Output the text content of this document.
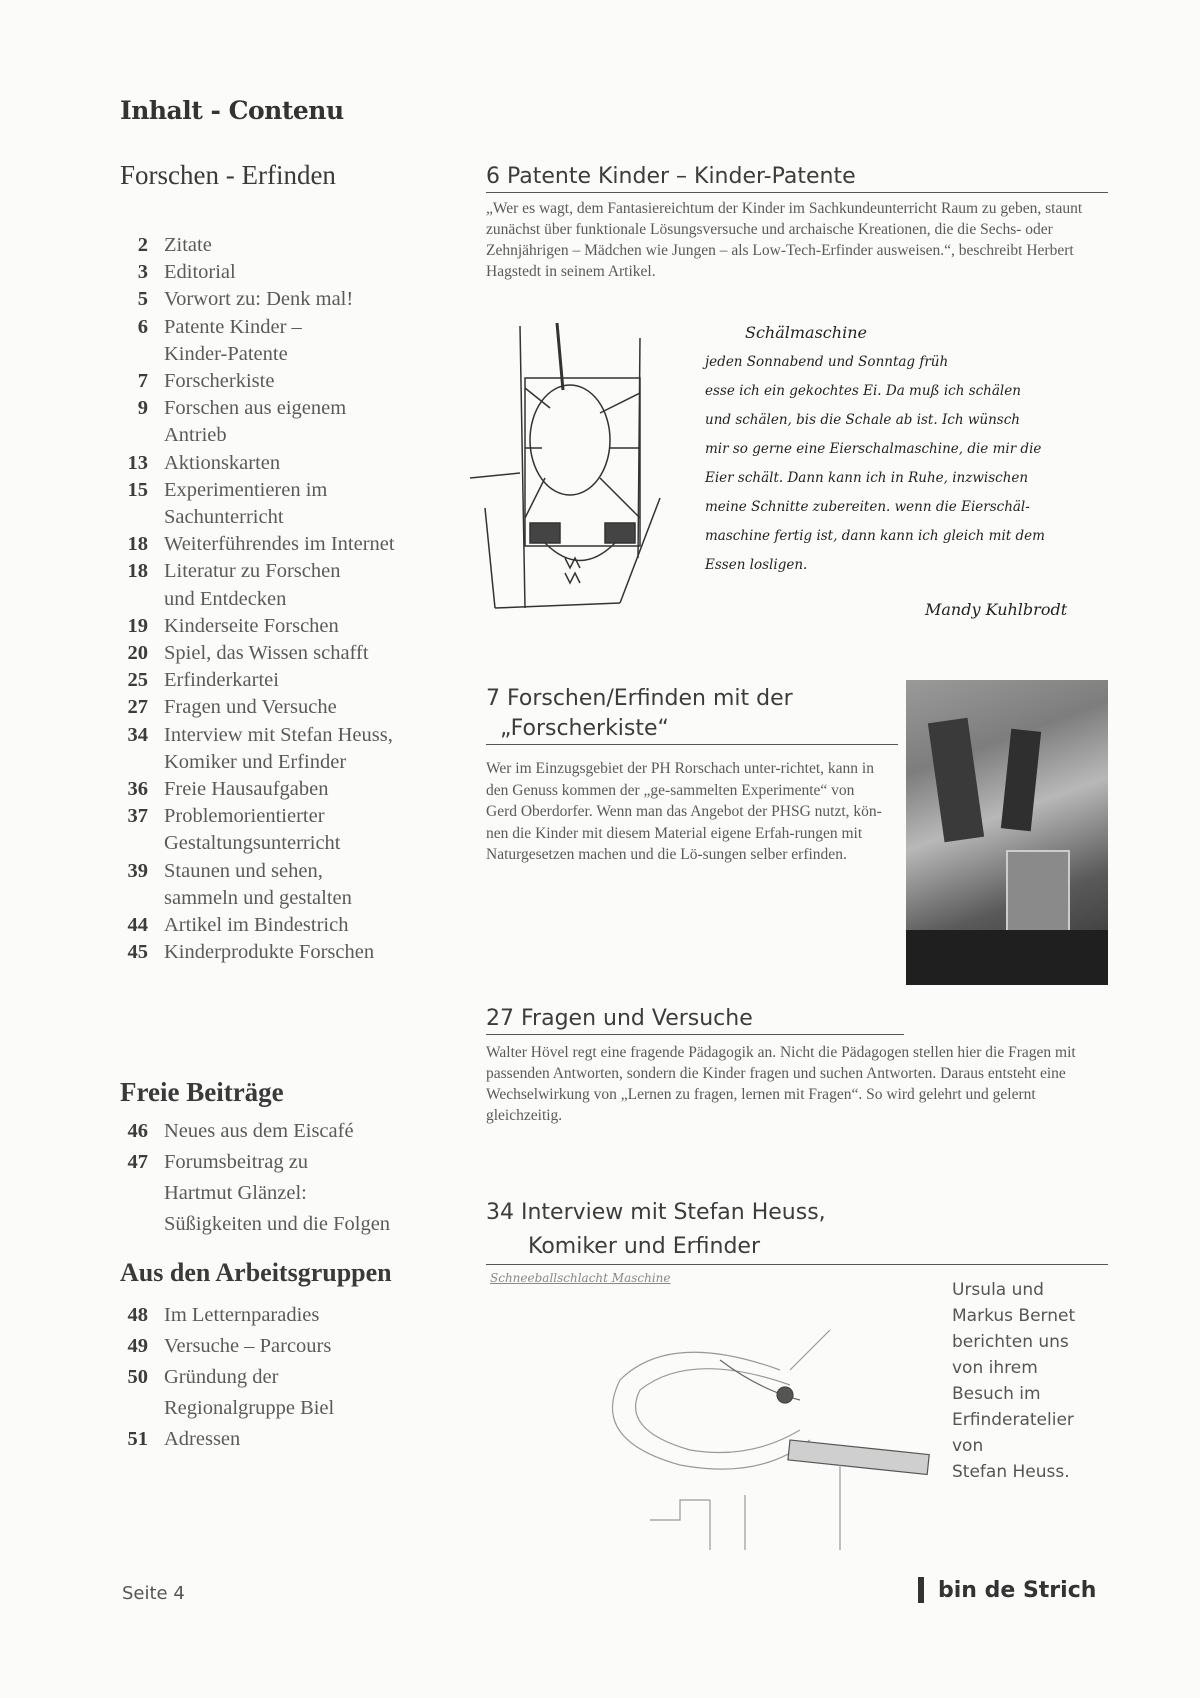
Inhalt - Contenu
Forschen - Erfinden
2 Zitate
3 Editorial
5 Vorwort zu: Denk mal!
6 Patente Kinder –
Kinder-Patente
7 Forscherkiste
9 Forschen aus eigenem
Antrieb
13 Aktionskarten
15 Experimentieren im
Sachunterricht
18 Weiterführendes im Internet
18 Literatur zu Forschen
und Entdecken
19 Kinderseite Forschen
20 Spiel, das Wissen schafft
25 Erfinderkartei
27 Fragen und Versuche
34 Interview mit Stefan Heuss,
Komiker und Erfinder
36 Freie Hausaufgaben
37 Problemorientierter
Gestaltungsunterricht
39 Staunen und sehen,
sammeln und gestalten
44 Artikel im Bindestrich
45 Kinderprodukte Forschen
Freie Beiträge
46 Neues aus dem Eiscafé
47 Forumsbeitrag zu
Hartmut Glänzel:
Süßigkeiten und die Folgen
Aus den Arbeitsgruppen
48 Im Letternparadies
49 Versuche – Parcours
50 Gründung der
Regionalgruppe Biel
51 Adressen
6 Patente Kinder – Kinder-Patente
„Wer es wagt, dem Fantasiereichtum der Kinder im Sachkundeunterricht Raum zu geben, staunt zunächst über funktionale Lösungsversuche und archaische Kreationen, die die Sechs- oder Zehnjährigen – Mädchen wie Jungen – als Low-Tech-Erfinder ausweisen.“, beschreibt Herbert Hagstedt in seinem Artikel.
Schälmaschine
jeden Sonnabend und Sonntag früh
esse ich ein gekochtes Ei. Da muß ich schälen
und schälen, bis die Schale ab ist. Ich wünsch
mir so gerne eine Eierschalmaschine, die mir die
Eier schält. Dann kann ich in Ruhe, inzwischen
meine Schnitte zubereiten. wenn die Eierschäl-
maschine fertig ist, dann kann ich gleich mit dem
Essen losligen.
Mandy Kuhlbrodt
7 Forschen/Erfinden mit der
„Forscherkiste“
Wer im Einzugsgebiet der PH Rorschach unter-richtet, kann in den Genuss kommen der „ge-sammelten Experimente“ von Gerd Oberdorfer. Wenn man das Angebot der PHSG nutzt, kön-nen die Kinder mit diesem Material eigene Erfah-rungen mit Naturgesetzen machen und die Lö-sungen selber erfinden.
27 Fragen und Versuche
Walter Hövel regt eine fragende Pädagogik an. Nicht die Pädagogen stellen hier die Fragen mit passenden Antworten, sondern die Kinder fragen und suchen Antworten. Daraus entsteht eine Wechselwirkung von „Lernen zu fragen, lernen mit Fragen“. So wird gelehrt und gelernt gleichzeitig.
34 Interview mit Stefan Heuss,
Komiker und Erfinder
Schneeballschlacht Maschine
Ursula und
Markus Bernet
berichten uns
von ihrem
Besuch im
Erfinderatelier
von
Stefan Heuss.
Seite 4	bin de Strich
